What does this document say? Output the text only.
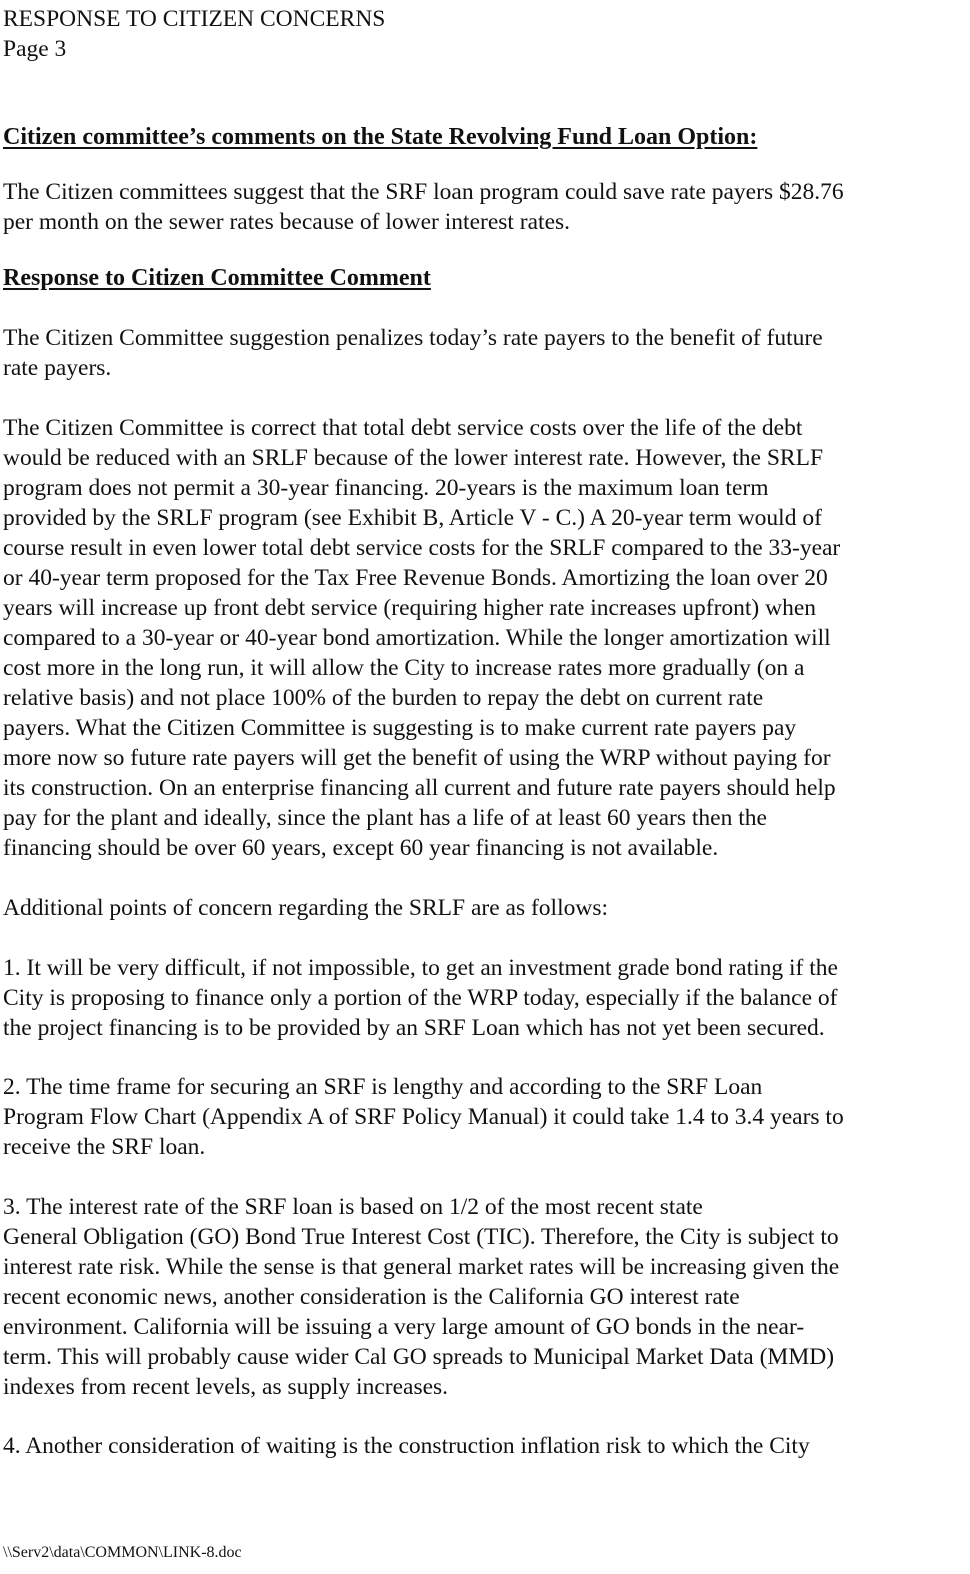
RESPONSE TO CITIZEN CONCERNS
Page 3
Citizen committee’s comments on the State Revolving Fund Loan Option:
The Citizen committees suggest that the SRF loan program could save rate payers $28.76
per month on the sewer rates because of lower interest rates.
Response to Citizen Committee Comment
The Citizen Committee suggestion penalizes today’s rate payers to the benefit of future
rate payers.
The Citizen Committee is correct that total debt service costs over the life of the debt
would be reduced with an SRLF because of the lower interest rate. However, the SRLF
program does not permit a 30-year financing. 20-years is the maximum loan term
provided by the SRLF program (see Exhibit B, Article V - C.) A 20-year term would of
course result in even lower total debt service costs for the SRLF compared to the 33-year
or 40-year term proposed for the Tax Free Revenue Bonds. Amortizing the loan over 20
years will increase up front debt service (requiring higher rate increases upfront) when
compared to a 30-year or 40-year bond amortization. While the longer amortization will
cost more in the long run, it will allow the City to increase rates more gradually (on a
relative basis) and not place 100% of the burden to repay the debt on current rate
payers. What the Citizen Committee is suggesting is to make current rate payers pay
more now so future rate payers will get the benefit of using the WRP without paying for
its construction. On an enterprise financing all current and future rate payers should help
pay for the plant and ideally, since the plant has a life of at least 60 years then the
financing should be over 60 years, except 60 year financing is not available.
Additional points of concern regarding the SRLF are as follows:
1. It will be very difficult, if not impossible, to get an investment grade bond rating if the
City is proposing to finance only a portion of the WRP today, especially if the balance of
the project financing is to be provided by an SRF Loan which has not yet been secured.
2. The time frame for securing an SRF is lengthy and according to the SRF Loan
Program Flow Chart (Appendix A of SRF Policy Manual) it could take 1.4 to 3.4 years to
receive the SRF loan.
3. The interest rate of the SRF loan is based on 1/2 of the most recent state
General Obligation (GO) Bond True Interest Cost (TIC). Therefore, the City is subject to
interest rate risk. While the sense is that general market rates will be increasing given the
recent economic news, another consideration is the California GO interest rate
environment. California will be issuing a very large amount of GO bonds in the near-
term. This will probably cause wider Cal GO spreads to Municipal Market Data (MMD)
indexes from recent levels, as supply increases.
4. Another consideration of waiting is the construction inflation risk to which the City
\\Serv2\data\COMMON\LINK-8.doc
